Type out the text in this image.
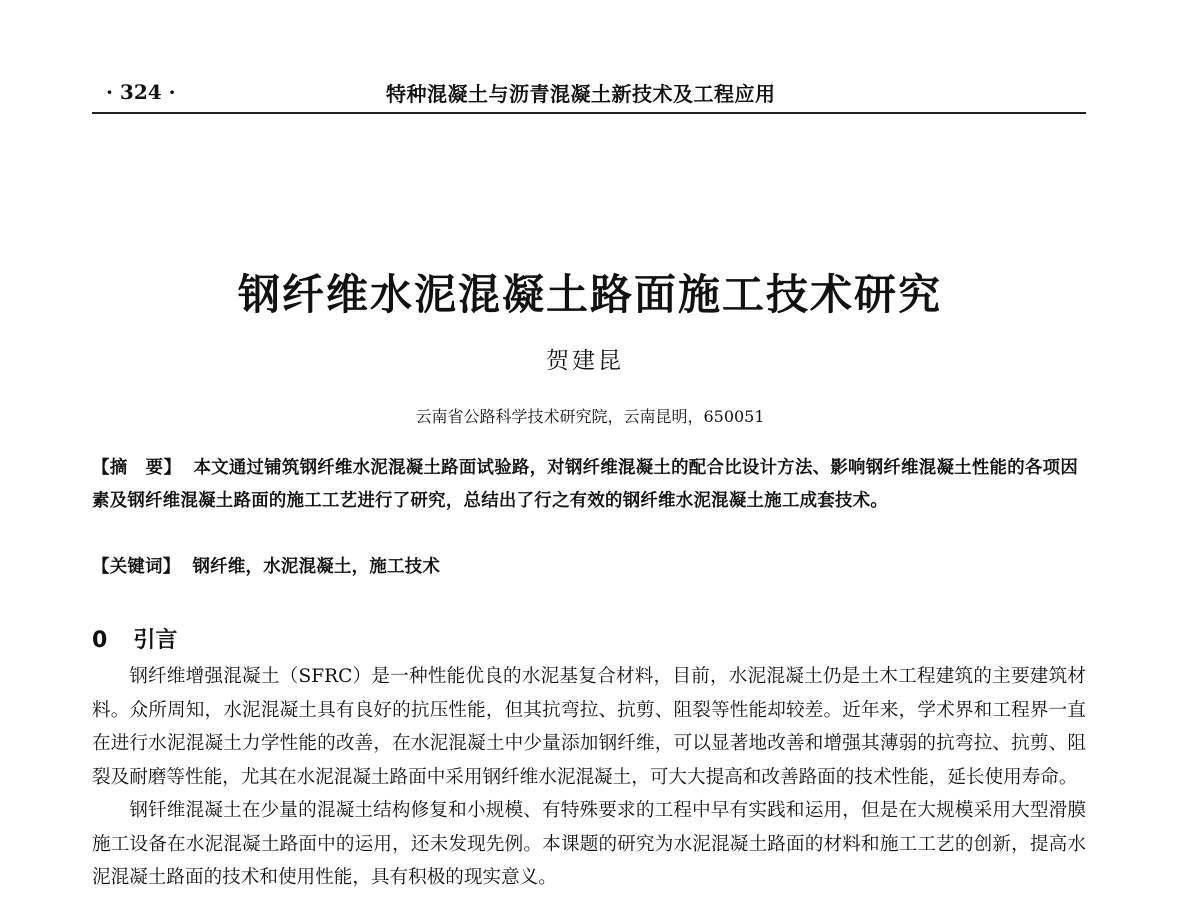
· 324 ·	特种混凝土与沥青混凝土新技术及工程应用
钢纤维水泥混凝土路面施工技术研究
贺建昆
云南省公路科学技术研究院，云南昆明，650051
【摘　要】 本文通过铺筑钢纤维水泥混凝土路面试验路，对钢纤维混凝土的配合比设计方法、影响钢纤维混凝土性能的各项因素及钢纤维混凝土路面的施工工艺进行了研究，总结出了行之有效的钢纤维水泥混凝土施工成套技术。
【关键词】 钢纤维，水泥混凝土，施工技术
0 引言

钢纤维增强混凝土（SFRC）是一种性能优良的水泥基复合材料，目前，水泥混凝土仍是土木工程建筑的主要建筑材料。众所周知，水泥混凝土具有良好的抗压性能，但其抗弯拉、抗剪、阻裂等性能却较差。近年来，学术界和工程界一直在进行水泥混凝土力学性能的改善，在水泥混凝土中少量添加钢纤维，可以显著地改善和增强其薄弱的抗弯拉、抗剪、阻裂及耐磨等性能，尤其在水泥混凝土路面中采用钢纤维水泥混凝土，可大大提高和改善路面的技术性能，延长使用寿命。

钢钎维混凝土在少量的混凝土结构修复和小规模、有特殊要求的工程中早有实践和运用，但是在大规模采用大型滑膜施工设备在水泥混凝土路面中的运用，还未发现先例。本课题的研究为水泥混凝土路面的材料和施工工艺的创新，提高水泥混凝土路面的技术和使用性能，具有积极的现实意义。
